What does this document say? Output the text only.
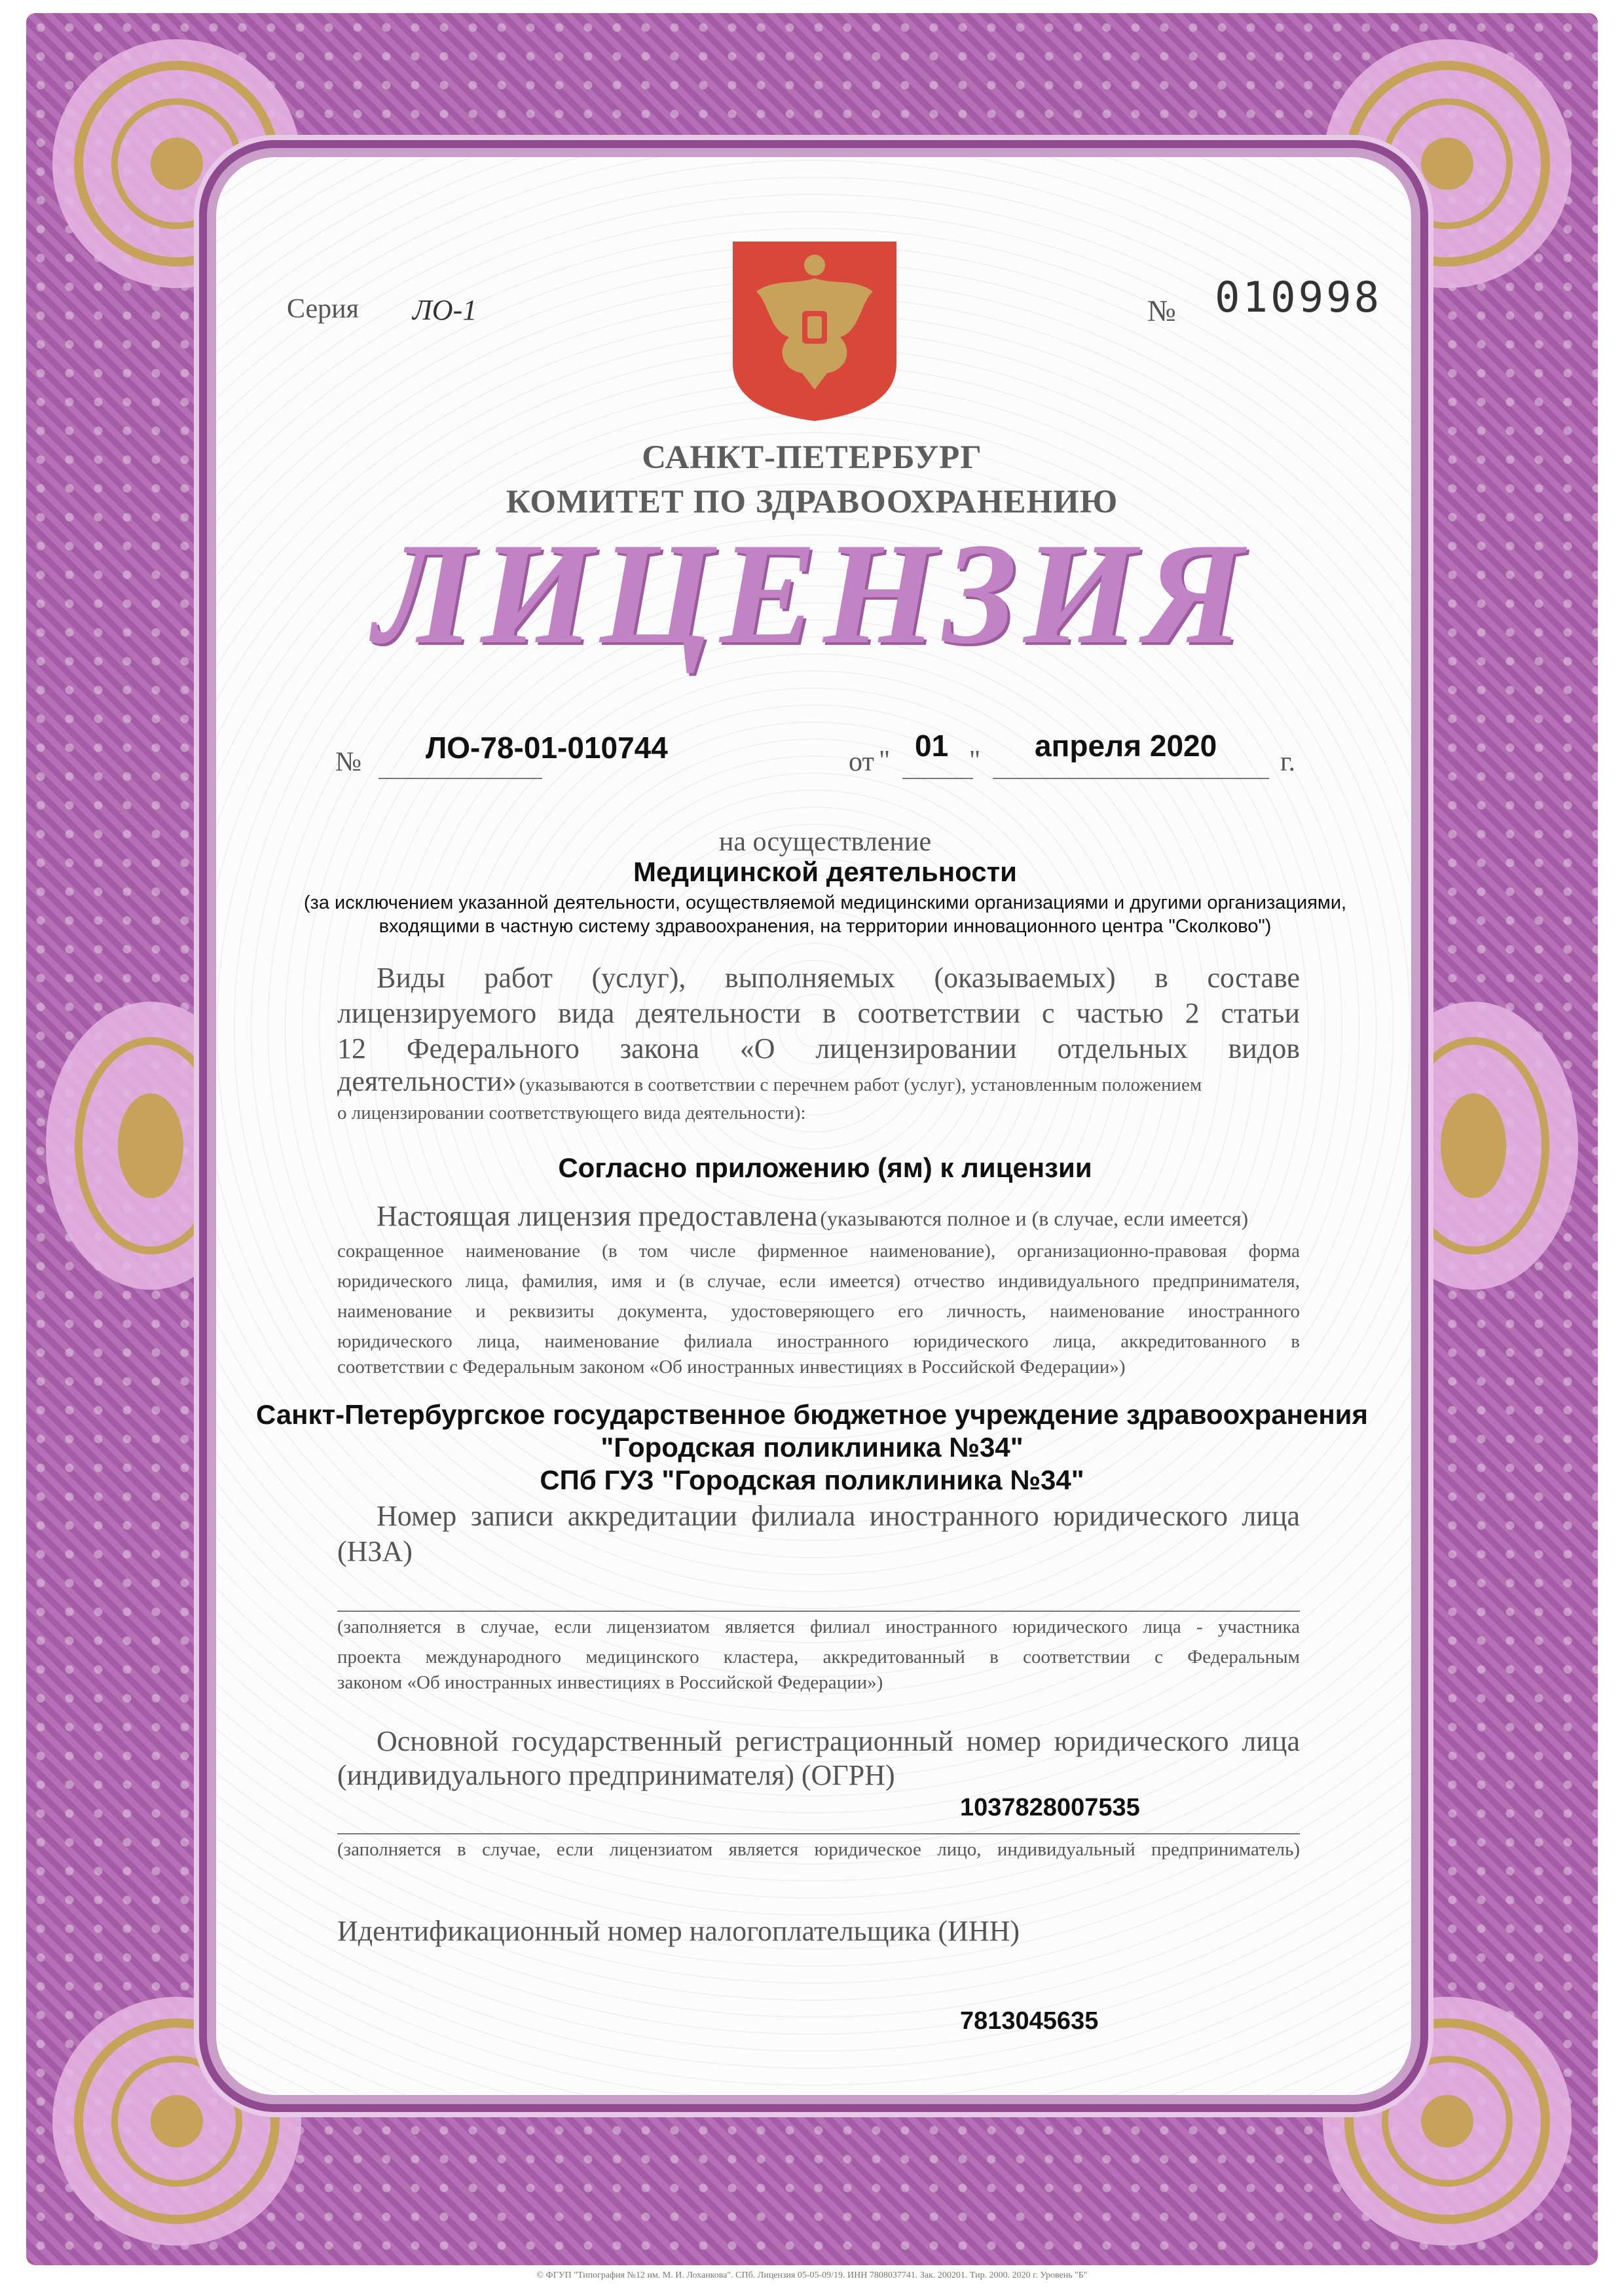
Серия ЛО-1	№ 010998
САНКТ-ПЕТЕРБУРГ
КОМИТЕТ ПО ЗДРАВООХРАНЕНИЮ
ЛИЦЕНЗИЯ
№ ЛО-78-01-010744	от " 01 " апреля 2020 г.
на осуществление
Медицинской деятельности
(за исключением указанной деятельности, осуществляемой медицинскими организациями и другими организациями,
входящими в частную систему здравоохранения, на территории инновационного центра "Сколково")
Виды работ (услуг), выполняемых (оказываемых) в составе
лицензируемого вида деятельности в соответствии с частью 2 статьи
12 Федерального закона «О лицензировании отдельных видов
деятельности» (указываются в соответствии с перечнем работ (услуг), установленным положением
о лицензировании соответствующего вида деятельности):
Согласно приложению (ям) к лицензии
Настоящая лицензия предоставлена (указываются полное и (в случае, если имеется)
сокращенное наименование (в том числе фирменное наименование), организационно-правовая форма
юридического лица, фамилия, имя и (в случае, если имеется) отчество индивидуального предпринимателя,
наименование и реквизиты документа, удостоверяющего его личность, наименование иностранного
юридического лица, наименование филиала иностранного юридического лица, аккредитованного в
соответствии с Федеральным законом «Об иностранных инвестициях в Российской Федерации»)
Санкт-Петербургское государственное бюджетное учреждение здравоохранения
"Городская поликлиника №34"
СПб ГУЗ "Городская поликлиника №34"
Номер записи аккредитации филиала иностранного юридического лица
(НЗА)
(заполняется в случае, если лицензиатом является филиал иностранного юридического лица - участника
проекта международного медицинского кластера, аккредитованный в соответствии с Федеральным
законом «Об иностранных инвестициях в Российской Федерации»)
Основной государственный регистрационный номер юридического лица
(индивидуального предпринимателя) (ОГРН)
1037828007535
(заполняется в случае, если лицензиатом является юридическое лицо, индивидуальный предприниматель)
Идентификационный номер налогоплательщика (ИНН)
7813045635
© ФГУП "Типография №12 им. М. И. Лоханкова". СПб. Лицензия 05-05-09/19. ИНН 7808037741. Зак. 200201. Тир. 2000. 2020 г. Уровень "Б"
